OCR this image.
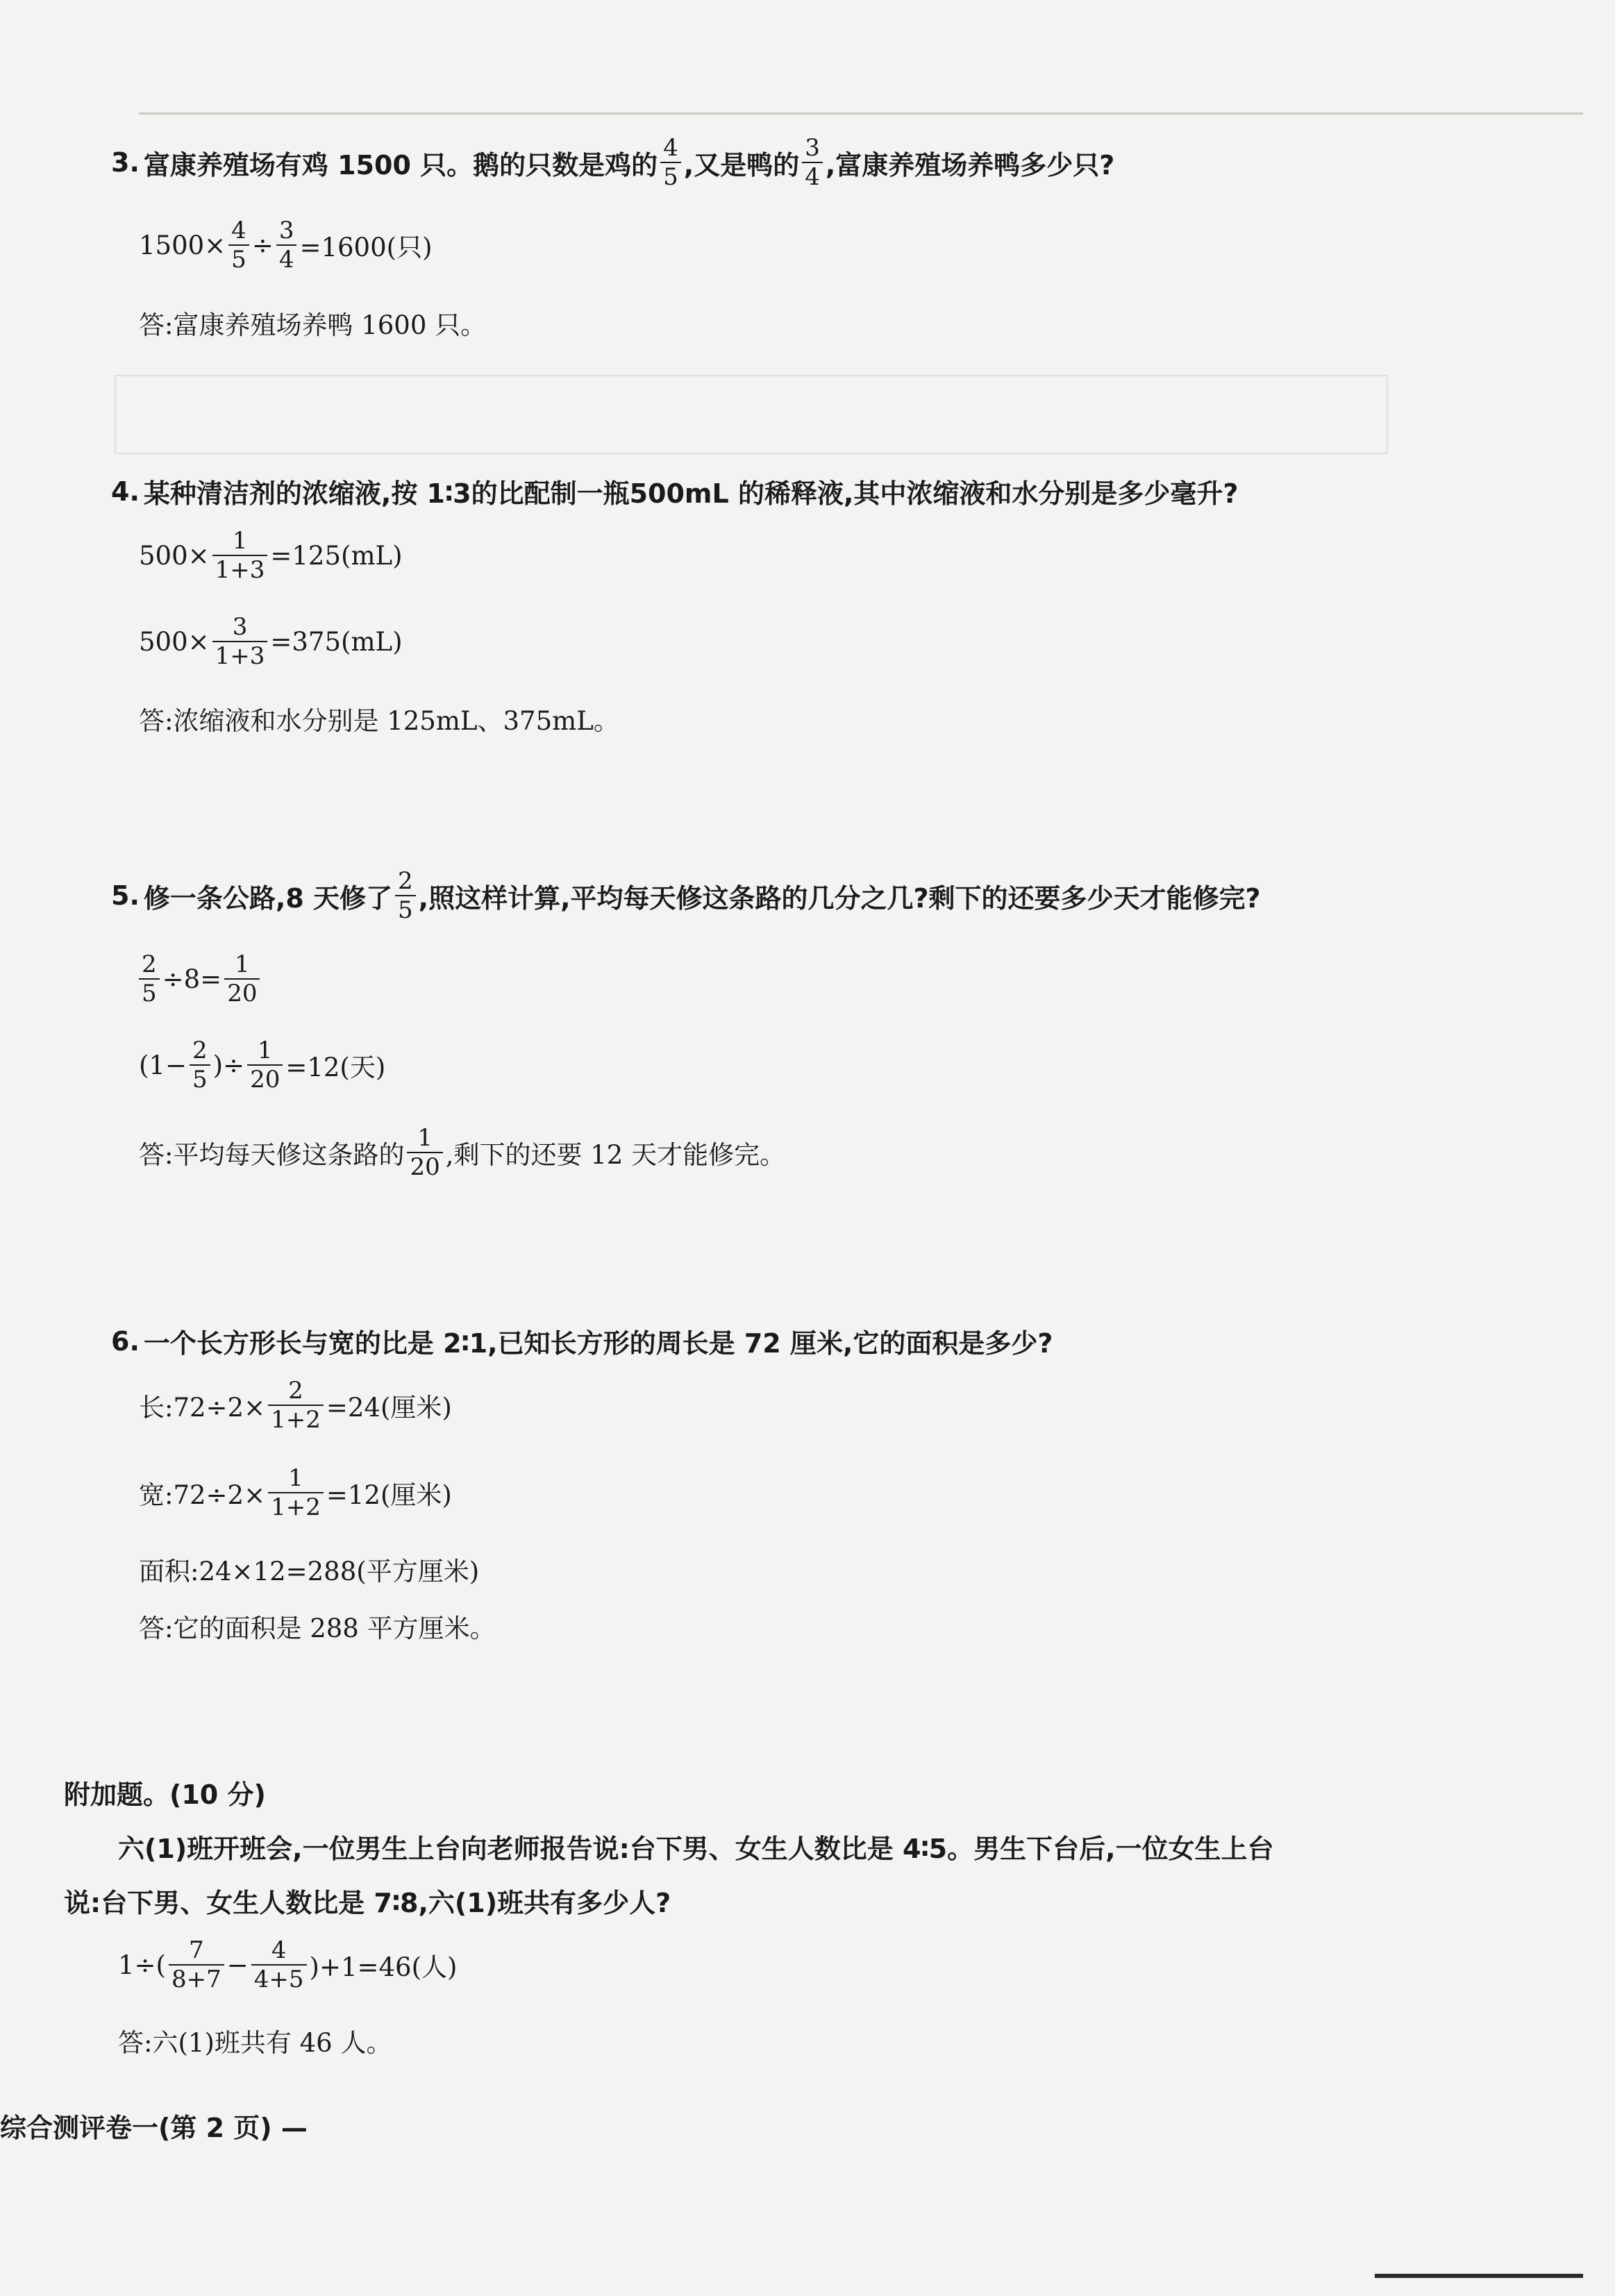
3. 富康养殖场有鸡 1500 只。鹅的只数是鸡的 $\frac{4}{5}$ ,又是鸭的 $\frac{3}{4}$ ,富康养殖场养鸭多少只?
$1500\times \frac{4}{5} \div \frac{3}{4} =1600$(只)
答:富康养殖场养鸭 1600 只。
4. 某种清洁剂的浓缩液,按 1∶3的比配制一瓶500mL 的稀释液,其中浓缩液和水分别是多少毫升?
$500\times \frac{1}{1+3} =125(mL)$
$500\times \frac{3}{1+3} =375(mL)$
答:浓缩液和水分别是 125mL、375mL。
5. 修一条公路,8 天修了 $\frac{2}{5}$ ,照这样计算,平均每天修这条路的几分之几?剩下的还要多少天才能修完?
$\frac{2}{5} \div 8= \frac{1}{20}$
($1- \frac{2}{5}$ )÷ $\frac{1}{20} =12$(天)
答:平均每天修这条路的 $\frac{1}{20}$ ,剩下的还要 12 天才能修完。
6. 一个长方形长与宽的比是 2∶1,已知长方形的周长是 72 厘米,它的面积是多少?
长:72÷2× $\frac{2}{1+2} =24$(厘米)
宽:72÷2× $\frac{1}{1+2} =12$(厘米)
面积:24×12=288(平方厘米)
答:它的面积是 288 平方厘米。
附加题。(10 分)
六(1)班开班会,一位男生上台向老师报告说:台下男、女生人数比是 4∶5。男生下台后,一位女生上台
说:台下男、女生人数比是 7∶8,六(1)班共有多少人?
$1\div( \frac{7}{8+7} - \frac{4}{4+5} )+1=46$(人)
答:六(1)班共有 46 人。
综合测评卷一(第 2 页) —
